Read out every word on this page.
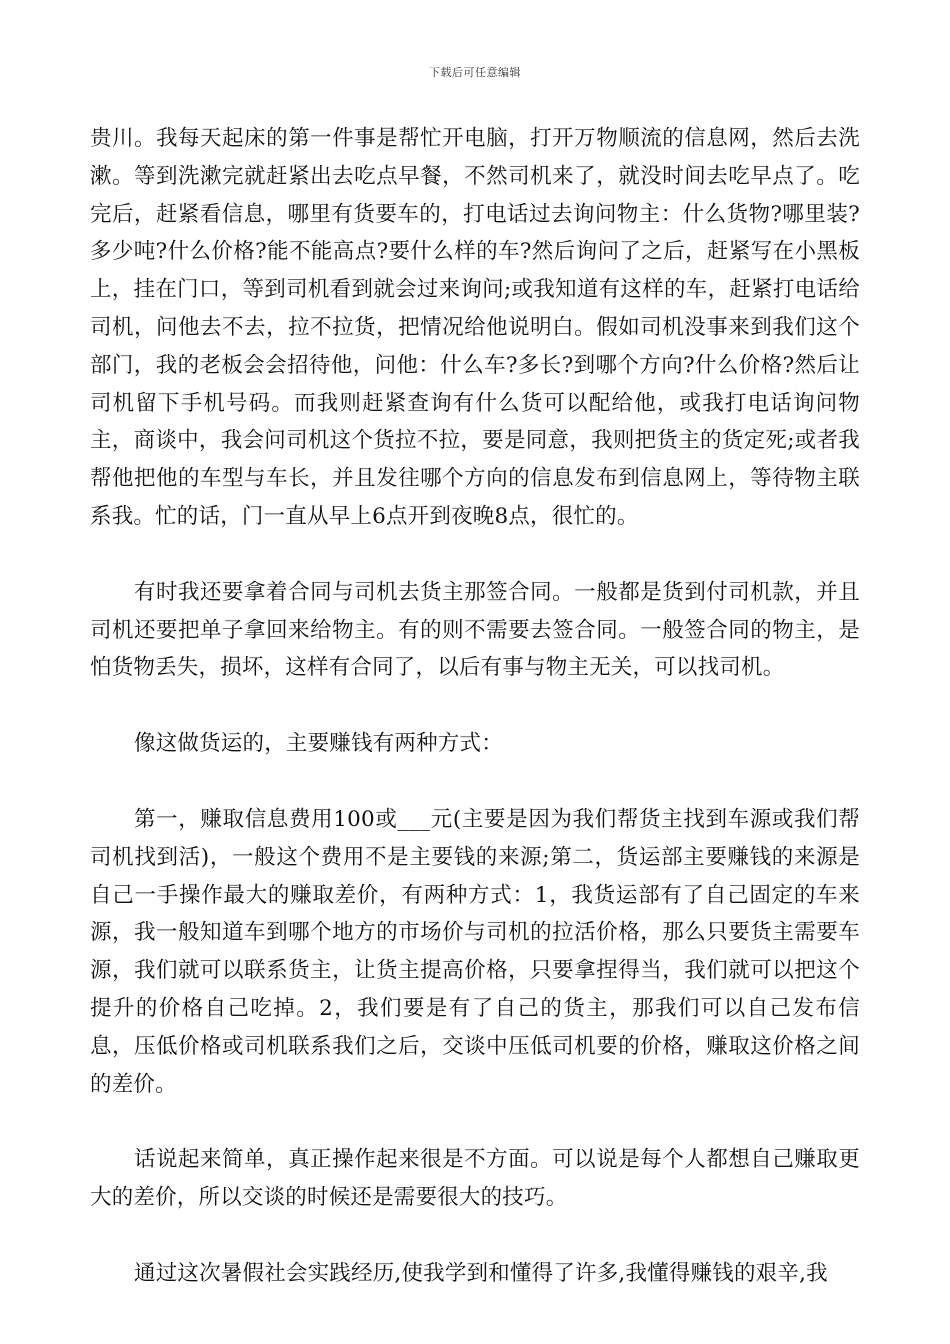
下载后可任意编辑

贵川。我每天起床的第一件事是帮忙开电脑，打开万物顺流的信息网，然后去洗漱。等到洗漱完就赶紧出去吃点早餐，不然司机来了，就没时间去吃早点了。吃完后，赶紧看信息，哪里有货要车的，打电话过去询问物主：什么货物?哪里装?多少吨?什么价格?能不能高点?要什么样的车?然后询问了之后，赶紧写在小黑板上，挂在门口，等到司机看到就会过来询问;或我知道有这样的车，赶紧打电话给司机，问他去不去，拉不拉货，把情况给他说明白。假如司机没事来到我们这个部门，我的老板会会招待他，问他：什么车?多长?到哪个方向?什么价格?然后让司机留下手机号码。而我则赶紧查询有什么货可以配给他，或我打电话询问物主，商谈中，我会问司机这个货拉不拉，要是同意，我则把货主的货定死;或者我帮他把他的车型与车长，并且发往哪个方向的信息发布到信息网上，等待物主联系我。忙的话，门一直从早上6点开到夜晚8点，很忙的。

有时我还要拿着合同与司机去货主那签合同。一般都是货到付司机款，并且司机还要把单子拿回来给物主。有的则不需要去签合同。一般签合同的物主，是怕货物丢失，损坏，这样有合同了，以后有事与物主无关，可以找司机。

像这做货运的，主要赚钱有两种方式：

第一，赚取信息费用100或___元(主要是因为我们帮货主找到车源或我们帮司机找到活)，一般这个费用不是主要钱的来源;第二，货运部主要赚钱的来源是自己一手操作最大的赚取差价，有两种方式：1，我货运部有了自己固定的车来源，我一般知道车到哪个地方的市场价与司机的拉活价格，那么只要货主需要车源，我们就可以联系货主，让货主提高价格，只要拿捏得当，我们就可以把这个提升的价格自己吃掉。2，我们要是有了自己的货主，那我们可以自己发布信息，压低价格或司机联系我们之后，交谈中压低司机要的价格，赚取这价格之间的差价。

话说起来简单，真正操作起来很是不方面。可以说是每个人都想自己赚取更大的差价，所以交谈的时候还是需要很大的技巧。

通过这次暑假社会实践经历,使我学到和懂得了许多,我懂得赚钱的艰辛,我
